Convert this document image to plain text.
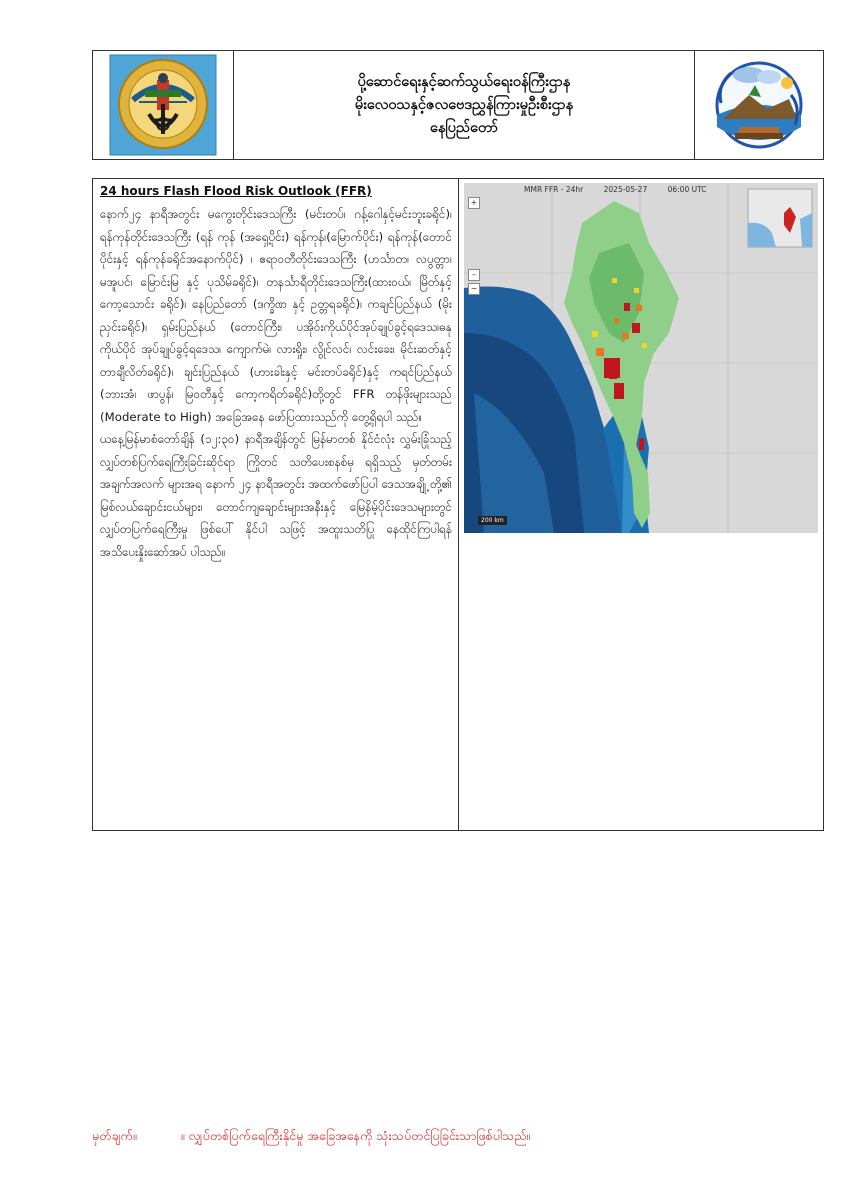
ပို့ဆောင်ရေးနှင့်ဆက်သွယ်ရေးဝန်ကြီးဌာန
မိုးလေဝသနှင့်ဇလဗေဒညွှန်ကြားမှုဦးစီးဌာန
နေပြည်တော်
24 hours Flash Flood Risk Outlook (FFR)

နောက်၂၄ နာရီအတွင်း မကွေးတိုင်းဒေသကြီး (မင်းတပ်၊ ဂန့်ဂေါနှင့်မင်းဘူးခရိုင်)၊ ရန်ကုန်တိုင်းဒေသကြီး (ရန် ကုန် (အရှေ့ပိုင်း) ရန်ကုန်၊(မြောက်ပိုင်း) ရန်ကုန်(တောင်ပိုင်းနှင့် ရန်ကုန်ခရိုင်အနောက်ပိုင်) ၊ ဧရာဝတီတိုင်းဒေသကြီး (ဟင်္သာတ၊ လပွတ္တာ၊ မအူပင်၊ မြောင်းမြ နှင့် ပုသိမ်ခရိုင်)၊ တနင်္သာရီတိုင်းဒေသကြီး(ထားဝယ်၊ မြိတ်နှင့် ကော့သောင်း ခရိုင်)၊ နေပြည်တော် (ဒက္ခိဏ နှင့် ဥတ္တရခရိုင်)၊ ကချင်ပြည်နယ် (မိုးညှင်းခရိုင်)၊ ရှမ်းပြည်နယ် (တောင်ကြီး၊ ပအိုဝ်းကိုယ်ပိုင်အုပ်ချုပ်ခွင့်ရဒေသ၊ဓနုကိုယ်ပိုင် အုပ်ချုပ်ခွင့်ရဒေသ၊ ကျောက်မဲ၊ လားရှိုး၊ လွိုင်လင်၊ လင်းခေး၊ မိုင်းဆတ်နှင့် တာချီလိတ်ခရိုင်)၊ ချင်းပြည်နယ် (ဟားခါးနှင့် မင်းတပ်ခရိုင်)နှင့် ကရင်ပြည်နယ် (ဘားအံ၊ ဖာပွန်၊ မြဝတီနှင့် ကော့ကရိတ်ခရိုင်)တို့တွင် FFR တန်ဖိုးများသည် (Moderate to High) အခြေအနေ ဖော်ပြထားသည်ကို တွေ့ရှိရပါ သည်။

ယနေ့မြန်မာစံတော်ချိန် (၁၂:၃၀) နာရီအချိန်တွင် မြန်မာတစ် နိုင်ငံလုံး လွှမ်းခြုံသည့် လျှပ်တစ်ပြက်ရေကြီးခြင်းဆိုင်ရာ ကြိုတင် သတိပေးစနစ်မှ ရရှိသည့် မှတ်တမ်းအချက်အလက် များအရ နောက် ၂၄ နာရီအတွင်း အထက်ဖော်ပြပါ ဒေသအချို့ တို့၏ မြစ်လယ်ချောင်းငယ်များ၊ တောင်ကျချောင်းများအနီးနှင့် မြေနိမ့်ပိုင်းဒေသများတွင် လျှပ်တပြက်ရေကြီးမှု ဖြစ်ပေါ် နိုင်ပါ သဖြင့် အထူးသတိပြု နေထိုင်ကြပါရန် အသိပေးနှိုးဆော်အပ် ပါသည်။

MMR FFR - 24hr	2025-05-27	06:00 UTC
+
–
−
200 km
မှတ်ချက်။	။ လျှပ်တစ်ပြက်ရေကြီးနိုင်မှု အခြေအနေကို သုံးသပ်တင်ပြခြင်းသာဖြစ်ပါသည်။
